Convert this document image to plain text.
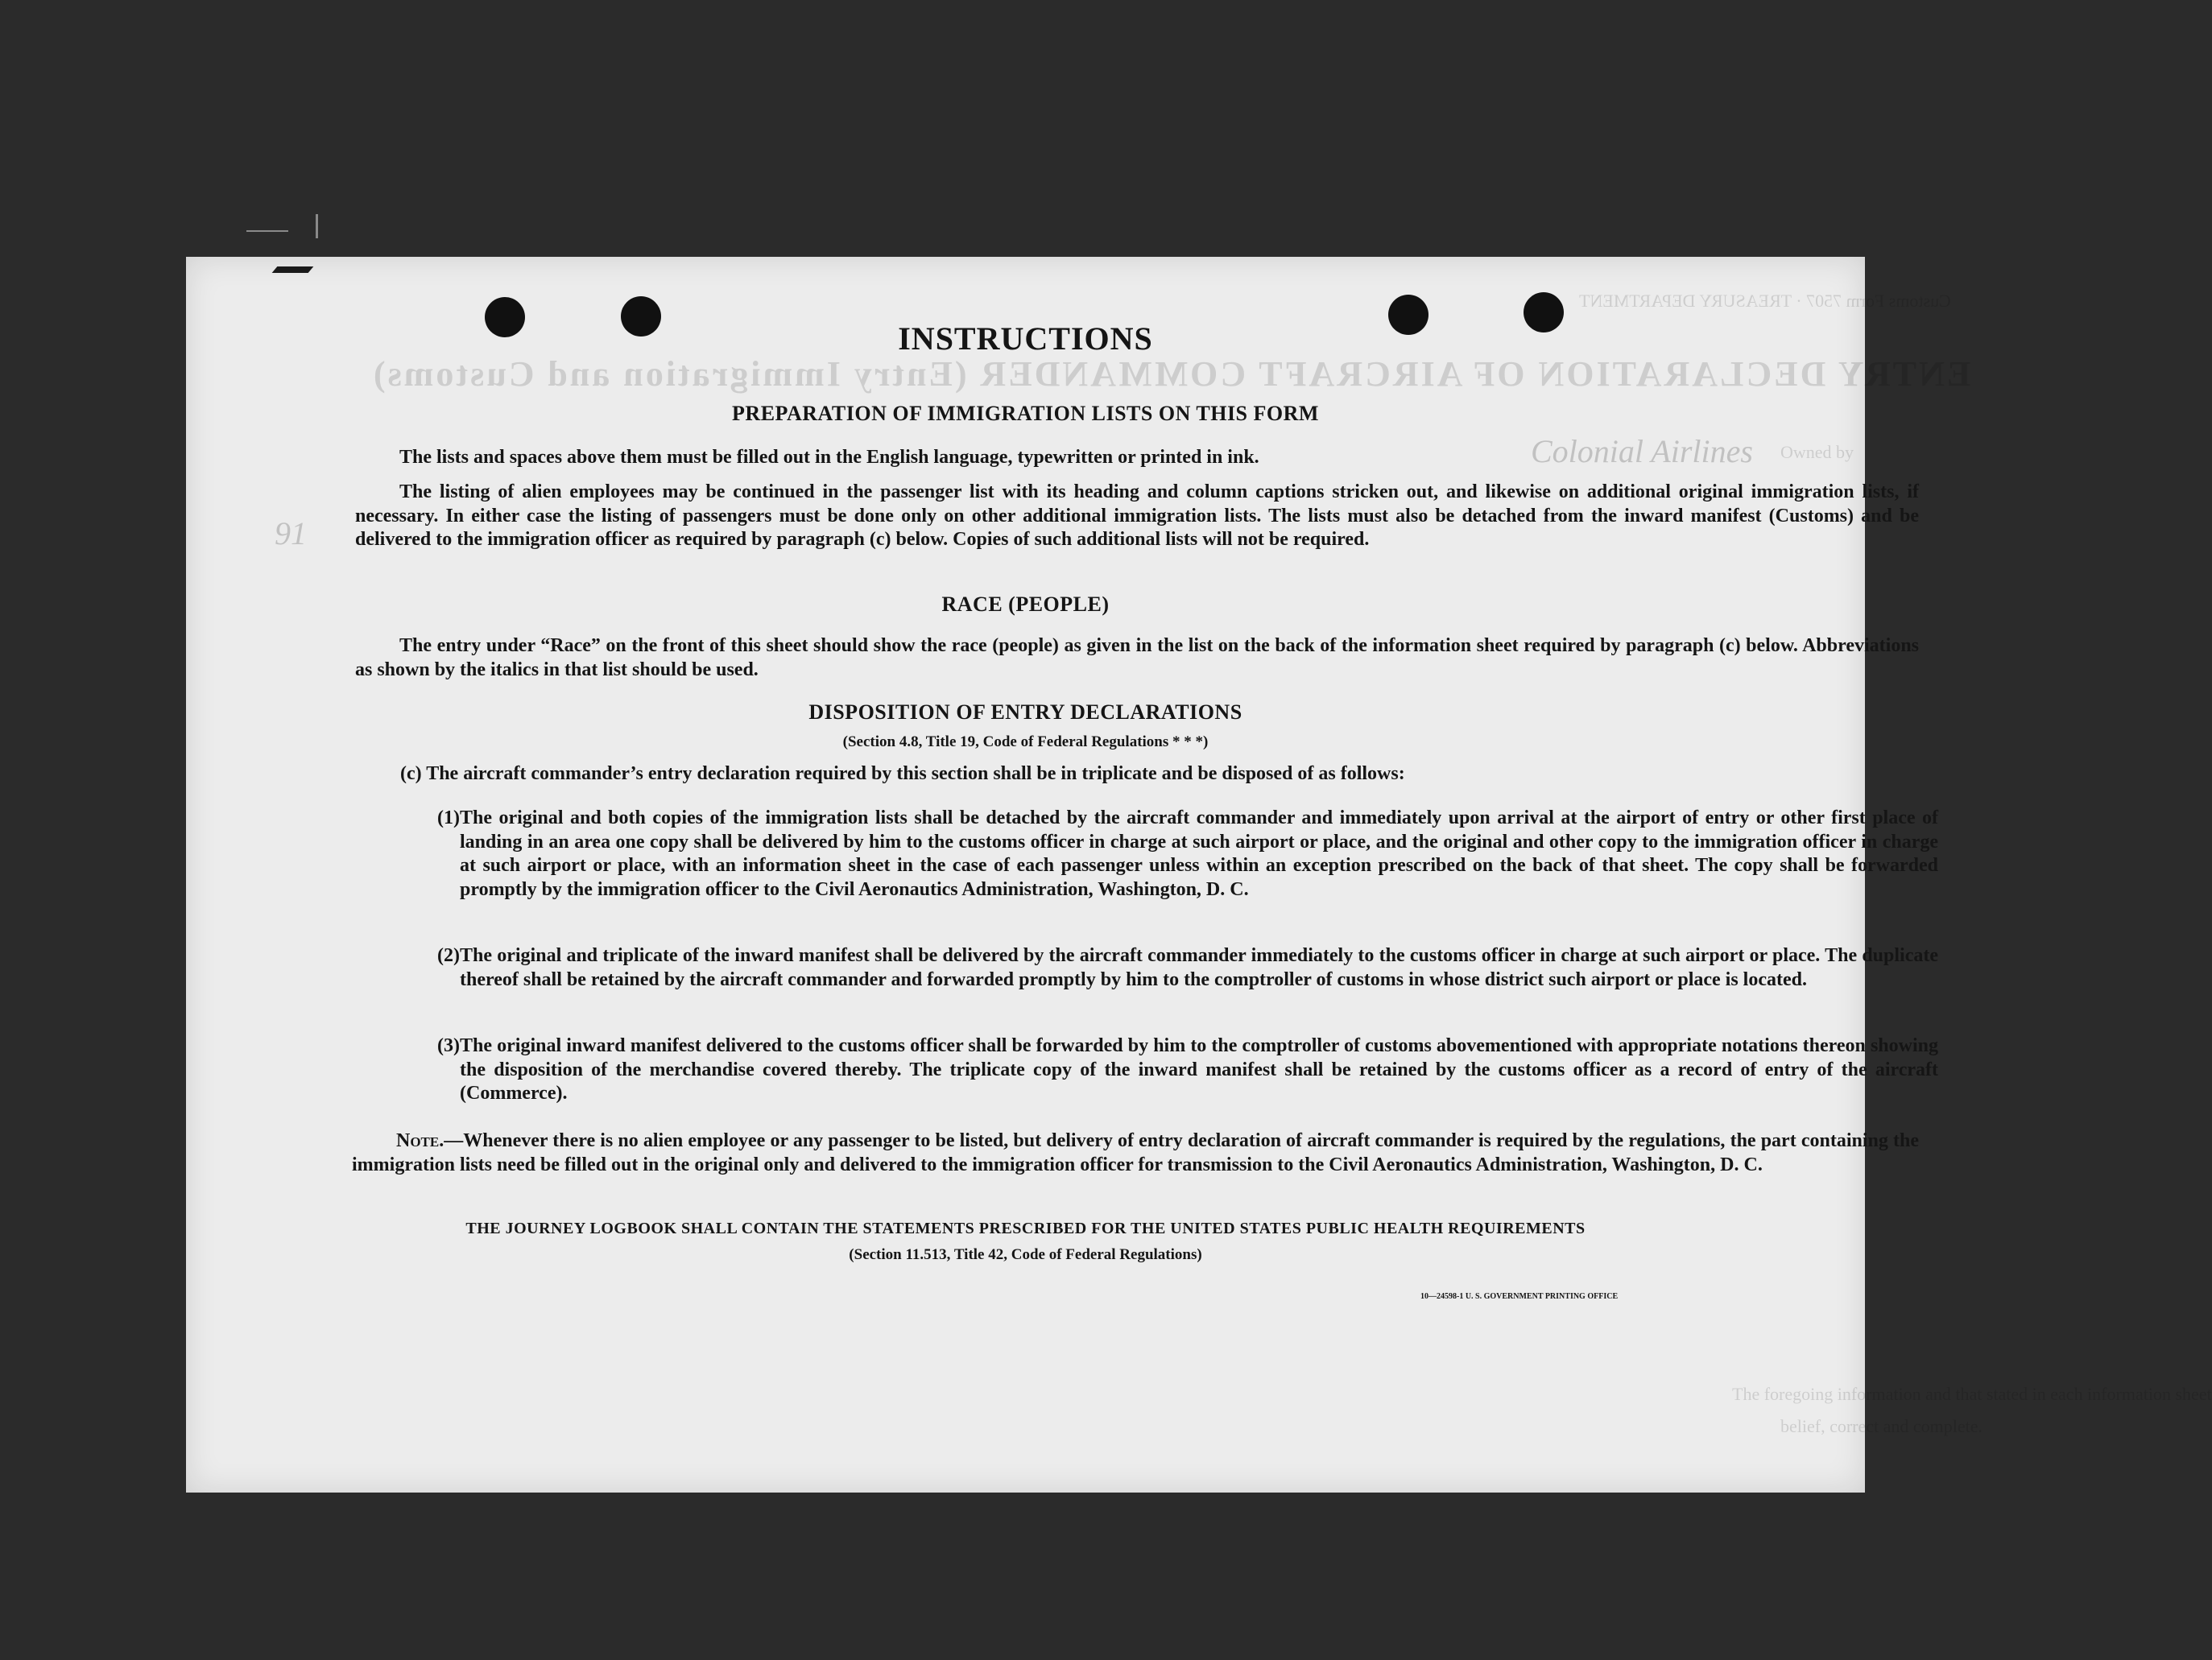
ENTRY DECLARATION OF AIRCRAFT COMMANDER (Entry Immigration and Customs)
Customs Form 7507 · TREASURY DEPARTMENT
Colonial Airlines Owned by
The foregoing information and that stated in each information sheet
belief, correct and complete.
91
INSTRUCTIONS
PREPARATION OF IMMIGRATION LISTS ON THIS FORM
The lists and spaces above them must be filled out in the English language, typewritten or printed in ink.
The listing of alien employees may be continued in the passenger list with its heading and column captions stricken out, and likewise on additional original immigration lists, if necessary. In either case the listing of passengers must be done only on other additional immigration lists. The lists must also be detached from the inward manifest (Customs) and be delivered to the immigration officer as required by paragraph (c) below. Copies of such additional lists will not be required.
RACE (PEOPLE)
The entry under “Race” on the front of this sheet should show the race (people) as given in the list on the back of the information sheet required by paragraph (c) below. Abbreviations as shown by the italics in that list should be used.
DISPOSITION OF ENTRY DECLARATIONS
(Section 4.8, Title 19, Code of Federal Regulations * * *)
(c) The aircraft commander’s entry declaration required by this section shall be in triplicate and be disposed of as follows:
(1)The original and both copies of the immigration lists shall be detached by the aircraft commander and immediately upon arrival at the airport of entry or other first place of landing in an area one copy shall be delivered by him to the customs officer in charge at such airport or place, and the original and other copy to the immigration officer in charge at such airport or place, with an information sheet in the case of each passenger unless within an exception prescribed on the back of that sheet. The copy shall be forwarded promptly by the immigration officer to the Civil Aeronautics Administration, Washington, D. C.
(2)The original and triplicate of the inward manifest shall be delivered by the aircraft commander immediately to the customs officer in charge at such airport or place. The duplicate thereof shall be retained by the aircraft commander and forwarded promptly by him to the comptroller of customs in whose district such airport or place is located.
(3)The original inward manifest delivered to the customs officer shall be forwarded by him to the comptroller of customs abovementioned with appropriate notations thereon showing the disposition of the merchandise covered thereby. The triplicate copy of the inward manifest shall be retained by the customs officer as a record of entry of the aircraft (Commerce).
Note.—Whenever there is no alien employee or any passenger to be listed, but delivery of entry declaration of aircraft commander is required by the regulations, the part containing the immigration lists need be filled out in the original only and delivered to the immigration officer for transmission to the Civil Aeronautics Administration, Washington, D. C.
THE JOURNEY LOGBOOK SHALL CONTAIN THE STATEMENTS PRESCRIBED FOR THE UNITED STATES PUBLIC HEALTH REQUIREMENTS
(Section 11.513, Title 42, Code of Federal Regulations)
10—24598-1 U. S. GOVERNMENT PRINTING OFFICE
